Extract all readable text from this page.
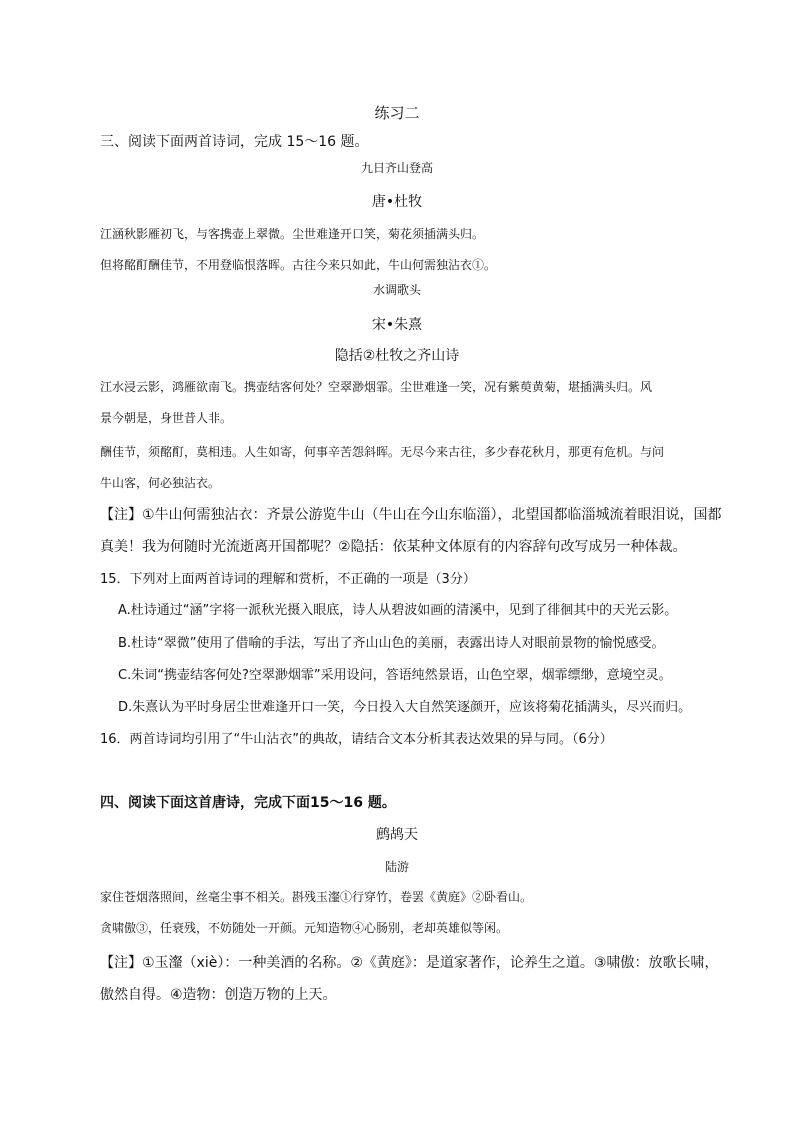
练习二
三、阅读下面两首诗词，完成 15～16 题。
九日齐山登高
唐•杜牧
江涵秋影雁初飞，与客携壶上翠微。尘世难逢开口笑，菊花须插满头归。
但将酩酊酬佳节，不用登临恨落晖。古往今来只如此，牛山何需独沾衣①。
水调歌头
宋•朱熹
隐括②杜牧之齐山诗
江水浸云影，鸿雁欲南飞。携壶结客何处？空翠渺烟霏。尘世难逢一笑，况有紫萸黄菊，堪插满头归。风
景今朝是，身世昔人非。
酬佳节，须酩酊，莫相违。人生如寄，何事辛苦怨斜晖。无尽今来古往，多少春花秋月，那更有危机。与问
牛山客，何必独沾衣。
【注】①牛山何需独沾衣：齐景公游览牛山（牛山在今山东临淄），北望国都临淄城流着眼泪说，国都
真美！我为何随时光流逝离开国都呢？②隐括：依某种文体原有的内容辞句改写成另一种体裁。
15．下列对上面两首诗词的理解和赏析，不正确的一项是（3分）
A.杜诗通过“涵”字将一派秋光摄入眼底，诗人从碧波如画的清溪中，见到了徘徊其中的天光云影。
B.杜诗“翠微”使用了借喻的手法，写出了齐山山色的美丽，表露出诗人对眼前景物的愉悦感受。
C.朱词“携壶结客何处?空翠渺烟霏”采用设问，答语纯然景语，山色空翠，烟霏缥缈，意境空灵。
D.朱熹认为平时身居尘世难逢开口一笑，今日投入大自然笑逐颜开，应该将菊花插满头，尽兴而归。
16．两首诗词均引用了“牛山沾衣”的典故，请结合文本分析其表达效果的异与同。（6分）
四、阅读下面这首唐诗，完成下面15～16 题。
鹧鸪天
陆游
家住苍烟落照间，丝毫尘事不相关。斟残玉瀣①行穿竹，卷罢《黄庭》②卧看山。
贪啸傲③，任衰残，不妨随处一开颜。元知造物④心肠别，老却英雄似等闲。
【注】①玉瀣（xiè）：一种美酒的名称。②《黄庭》：是道家著作，论养生之道。③啸傲：放歌长啸，
傲然自得。④造物：创造万物的上天。
